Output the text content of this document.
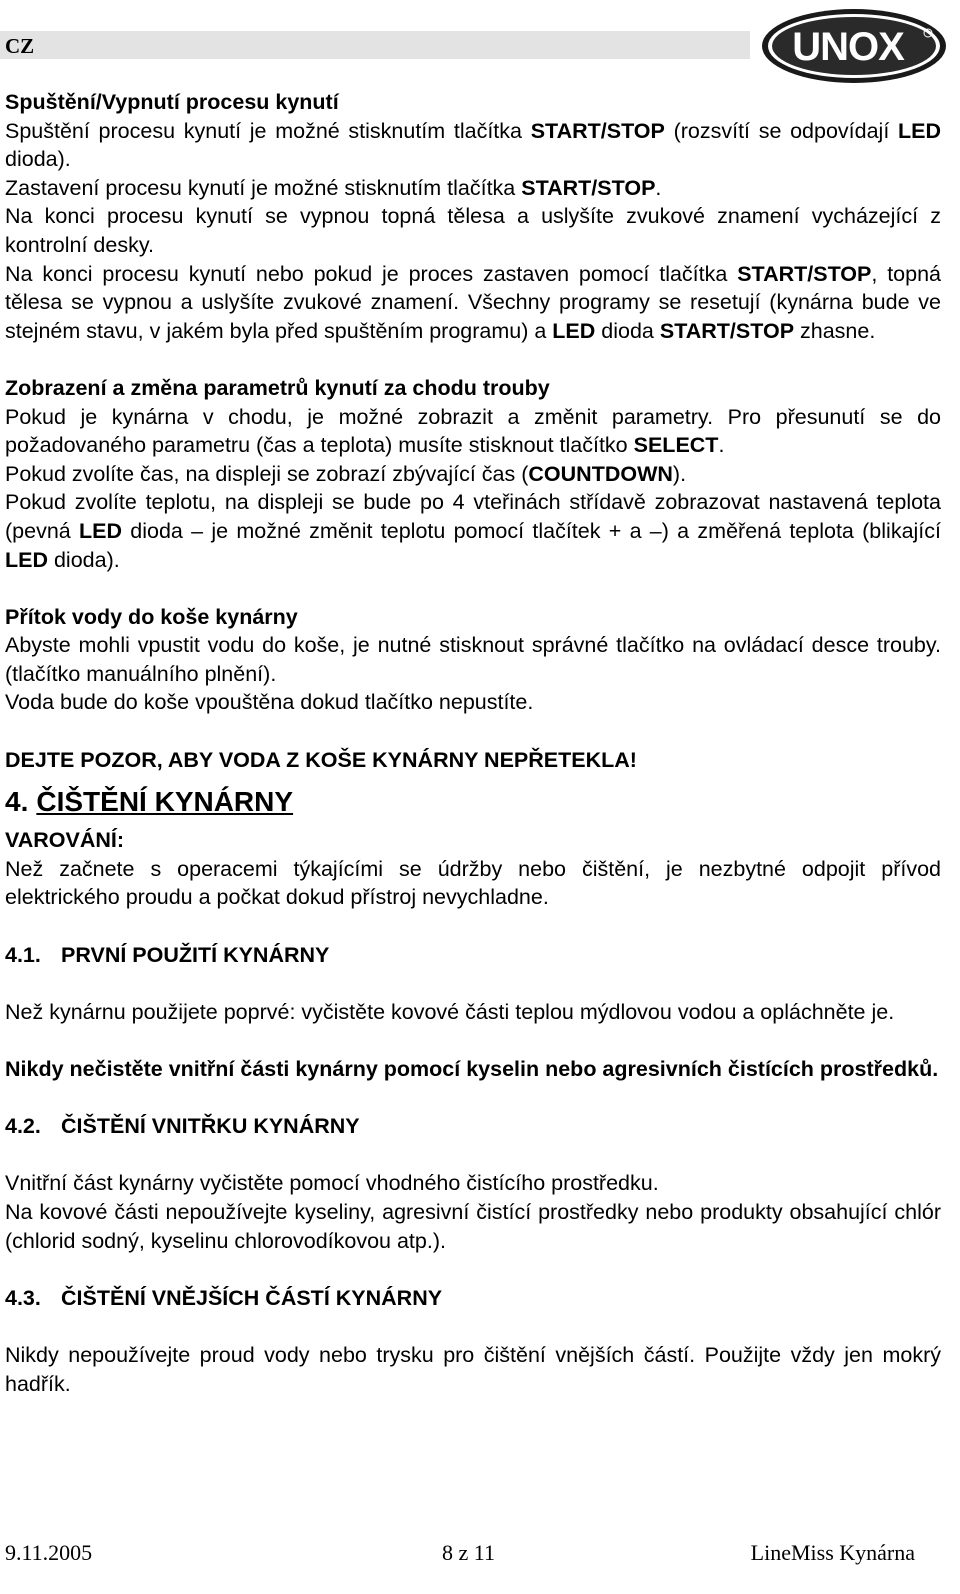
CZ	UNOX

Spuštění/Vypnutí procesu kynutí

Spuštění procesu kynutí je možné stisknutím tlačítka START/STOP (rozsvítí se odpovídají LED dioda).

Zastavení procesu kynutí je možné stisknutím tlačítka START/STOP.

Na konci procesu kynutí se vypnou topná tělesa a uslyšíte zvukové znamení vycházející z kontrolní desky.

Na konci procesu kynutí nebo pokud je proces zastaven pomocí tlačítka START/STOP, topná tělesa se vypnou a uslyšíte zvukové znamení. Všechny programy se resetují (kynárna bude ve stejném stavu, v jakém byla před spuštěním programu) a LED dioda START/STOP zhasne.

Zobrazení a změna parametrů kynutí za chodu trouby

Pokud je kynárna v chodu, je možné zobrazit a změnit parametry. Pro přesunutí se do požadovaného parametru (čas a teplota) musíte stisknout tlačítko SELECT.

Pokud zvolíte čas, na displeji se zobrazí zbývající čas (COUNTDOWN).

Pokud zvolíte teplotu, na displeji se bude po 4 vteřinách střídavě zobrazovat nastavená teplota (pevná LED dioda – je možné změnit teplotu pomocí tlačítek + a –) a změřená teplota (blikající LED dioda).

Přítok vody do koše kynárny

Abyste mohli vpustit vodu do koše, je nutné stisknout správné tlačítko na ovládací desce trouby. (tlačítko manuálního plnění).

Voda bude do koše vpouštěna dokud tlačítko nepustíte.

DEJTE POZOR, ABY VODA Z KOŠE KYNÁRNY NEPŘETEKLA!

4. ČIŠTĚNÍ KYNÁRNY

VAROVÁNÍ:

Než začnete s operacemi týkajícími se údržby nebo čištění, je nezbytné odpojit přívod elektrického proudu a počkat dokud přístroj nevychladne.

4.1. PRVNÍ POUŽITÍ KYNÁRNY

Než kynárnu použijete poprvé: vyčistěte kovové části teplou mýdlovou vodou a opláchněte je.

Nikdy nečistěte vnitřní části kynárny pomocí kyselin nebo agresivních čistících prostředků.

4.2. ČIŠTĚNÍ VNITŘKU KYNÁRNY

Vnitřní část kynárny vyčistěte pomocí vhodného čistícího prostředku.

Na kovové části nepoužívejte kyseliny, agresivní čistící prostředky nebo produkty obsahující chlór (chlorid sodný, kyselinu chlorovodíkovou atp.).

4.3. ČIŠTĚNÍ VNĚJŠÍCH ČÁSTÍ KYNÁRNY

Nikdy nepoužívejte proud vody nebo trysku pro čištění vnějších částí. Použijte vždy jen mokrý hadřík.

9.11.2005	8 z 11	LineMiss Kynárna
